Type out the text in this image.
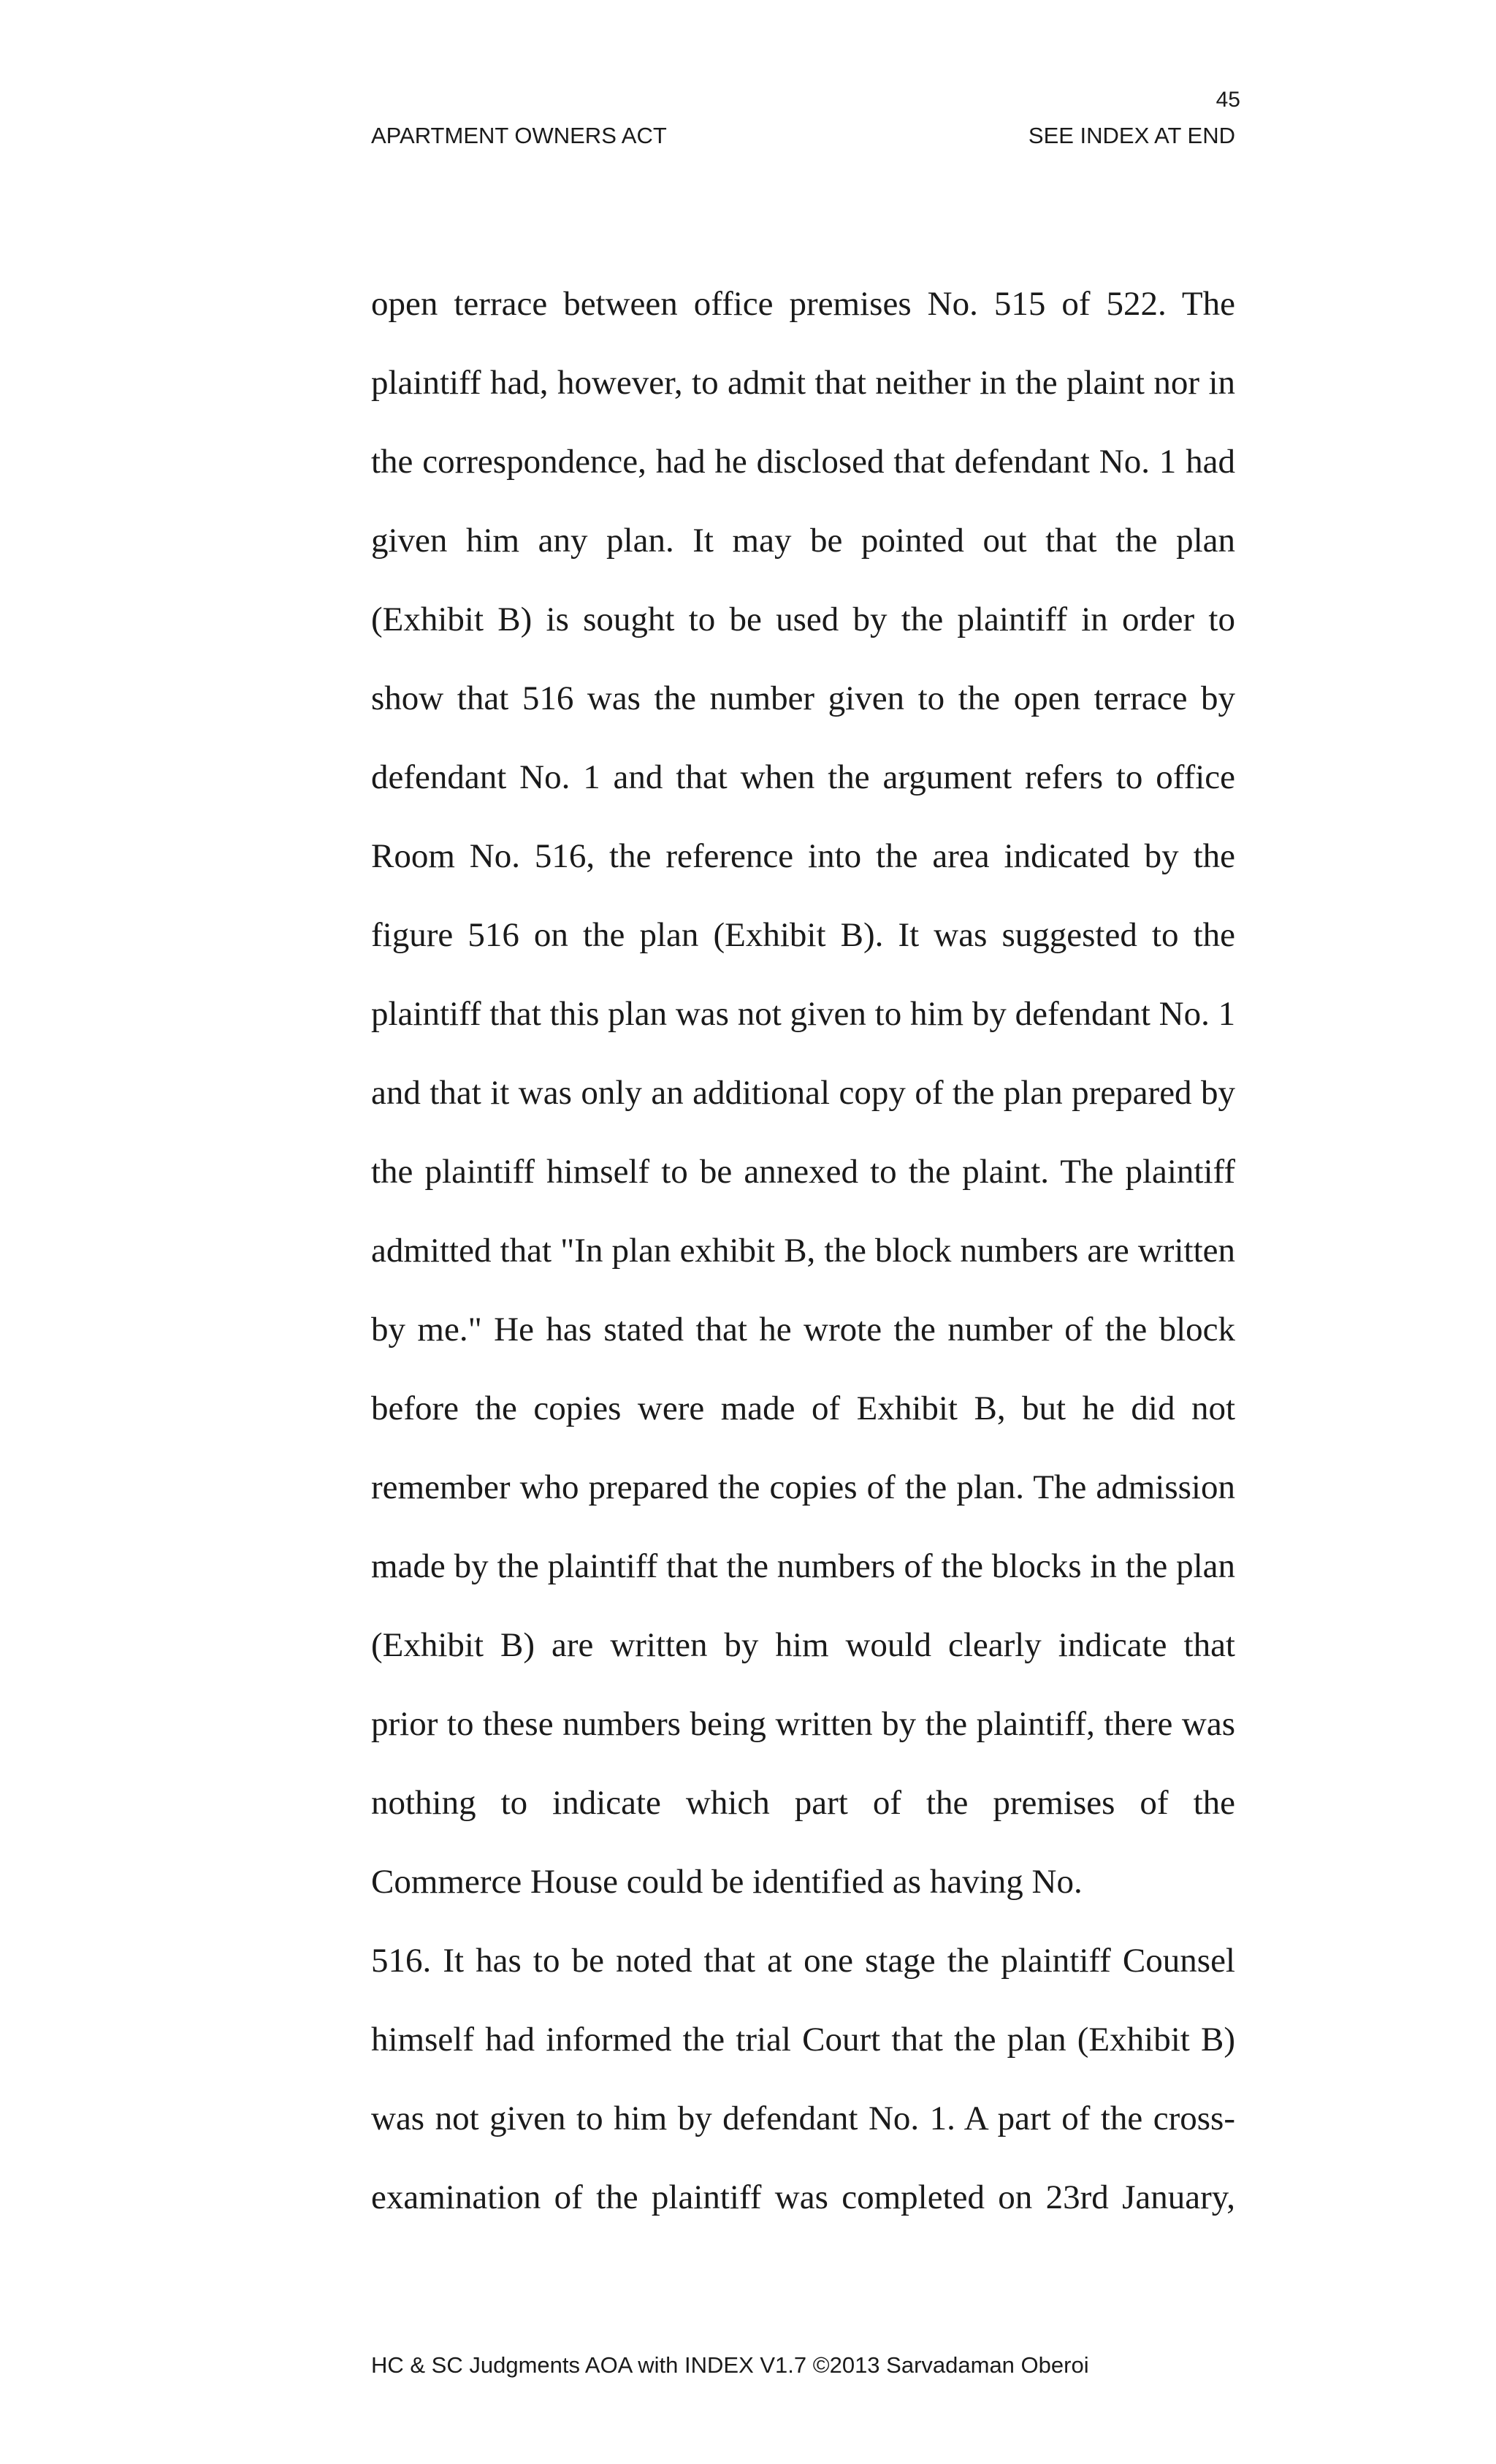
45
APARTMENT OWNERS ACT	SEE INDEX AT END
open terrace between office premises No. 515 of 522. The
plaintiff had, however, to admit that neither in the plaint nor in
the correspondence, had he disclosed that defendant No. 1 had
given him any plan. It may be pointed out that the plan
(Exhibit B) is sought to be used by the plaintiff in order to
show that 516 was the number given to the open terrace by
defendant No. 1 and that when the argument refers to office
Room No. 516, the reference into the area indicated by the
figure 516 on the plan (Exhibit B). It was suggested to the
plaintiff that this plan was not given to him by defendant No. 1
and that it was only an additional copy of the plan prepared by
the plaintiff himself to be annexed to the plaint. The plaintiff
admitted that "In plan exhibit B, the block numbers are written
by me." He has stated that he wrote the number of the block
before the copies were made of Exhibit B, but he did not
remember who prepared the copies of the plan. The admission
made by the plaintiff that the numbers of the blocks in the plan
(Exhibit B) are written by him would clearly indicate that
prior to these numbers being written by the plaintiff, there was
nothing to indicate which part of the premises of the
Commerce House could be identified as having No.
516. It has to be noted that at one stage the plaintiff Counsel
himself had informed the trial Court that the plan (Exhibit B)
was not given to him by defendant No. 1. A part of the cross-
examination of the plaintiff was completed on 23rd January,
HC & SC Judgments AOA with INDEX V1.7 ©2013 Sarvadaman Oberoi
